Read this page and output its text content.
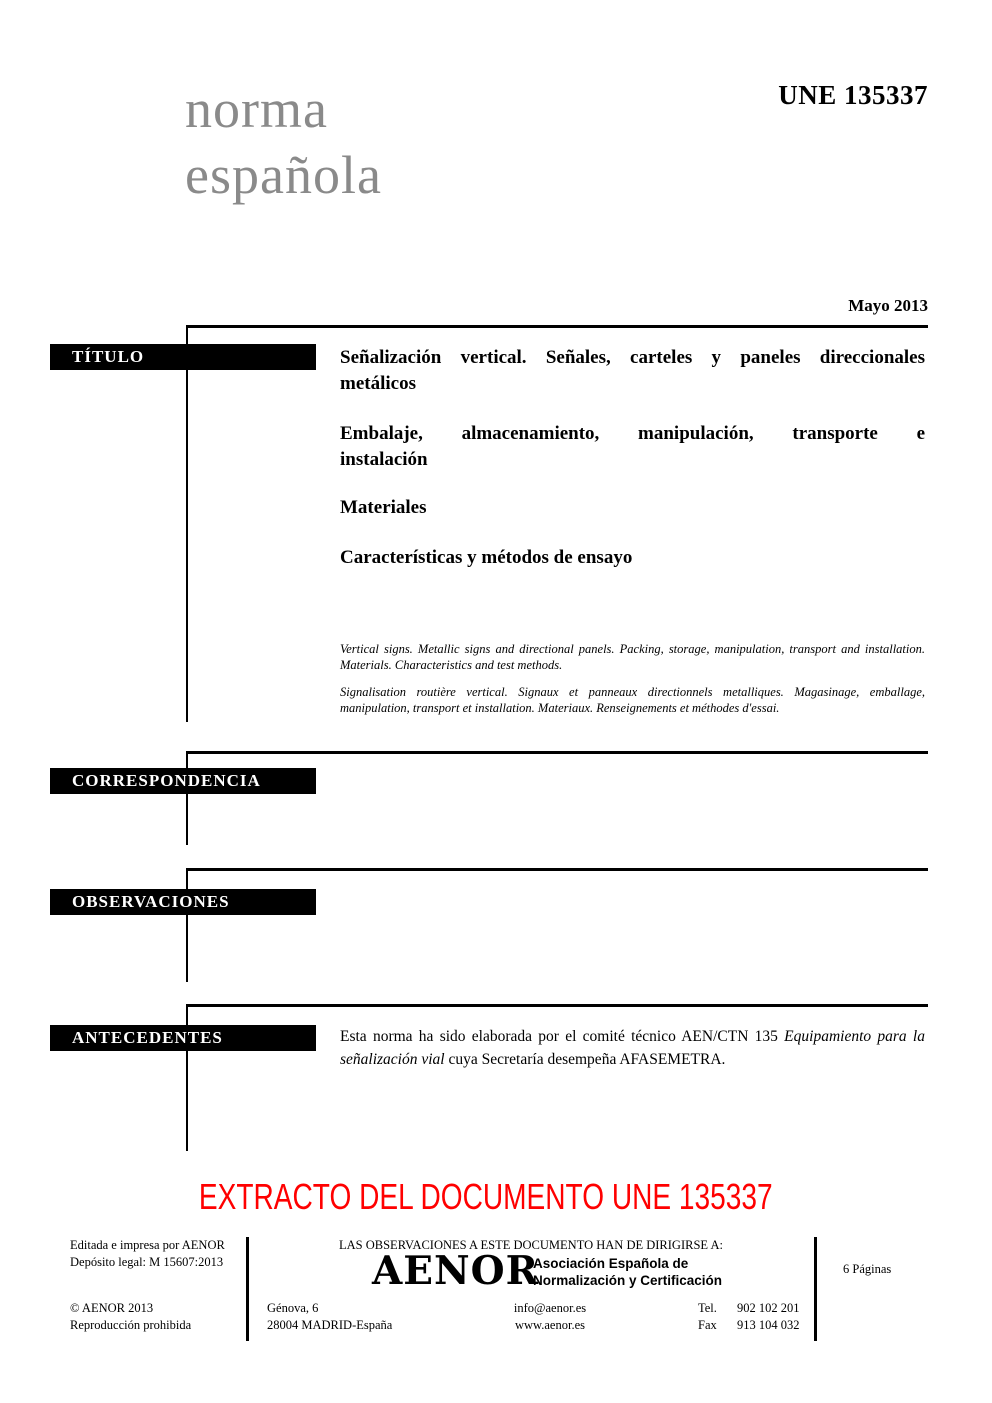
norma
española
UNE 135337
Mayo 2013
TÍTULO
CORRESPONDENCIA
OBSERVACIONES
ANTECEDENTES
Señalización vertical. Señales, carteles y paneles direccionales
metálicos
Embalaje, almacenamiento, manipulación, transporte e
instalación
Materiales
Características y métodos de ensayo
Vertical signs. Metallic signs and directional panels. Packing, storage, manipulation, transport and installation. Materials. Characteristics and test methods.
Signalisation routière vertical. Signaux et panneaux directionnels metalliques. Magasinage, emballage, manipulation, transport et installation. Materiaux. Renseignements et méthodes d'essai.
Esta norma ha sido elaborada por el comité técnico AEN/CTN 135 Equipamiento para la señalización vial cuya Secretaría desempeña AFASEMETRA.
EXTRACTO DEL DOCUMENTO UNE 135337
Editada e impresa por AENOR
Depósito legal: M 15607:2013
© AENOR 2013
Reproducción prohibida
LAS OBSERVACIONES A ESTE DOCUMENTO HAN DE DIRIGIRSE A:
AENOR
Asociación Española de
Normalización y Certificación
6 Páginas
Génova, 6
28004 MADRID-España
info@aenor.es
www.aenor.es
Tel. 902 102 201
Fax 913 104 032
